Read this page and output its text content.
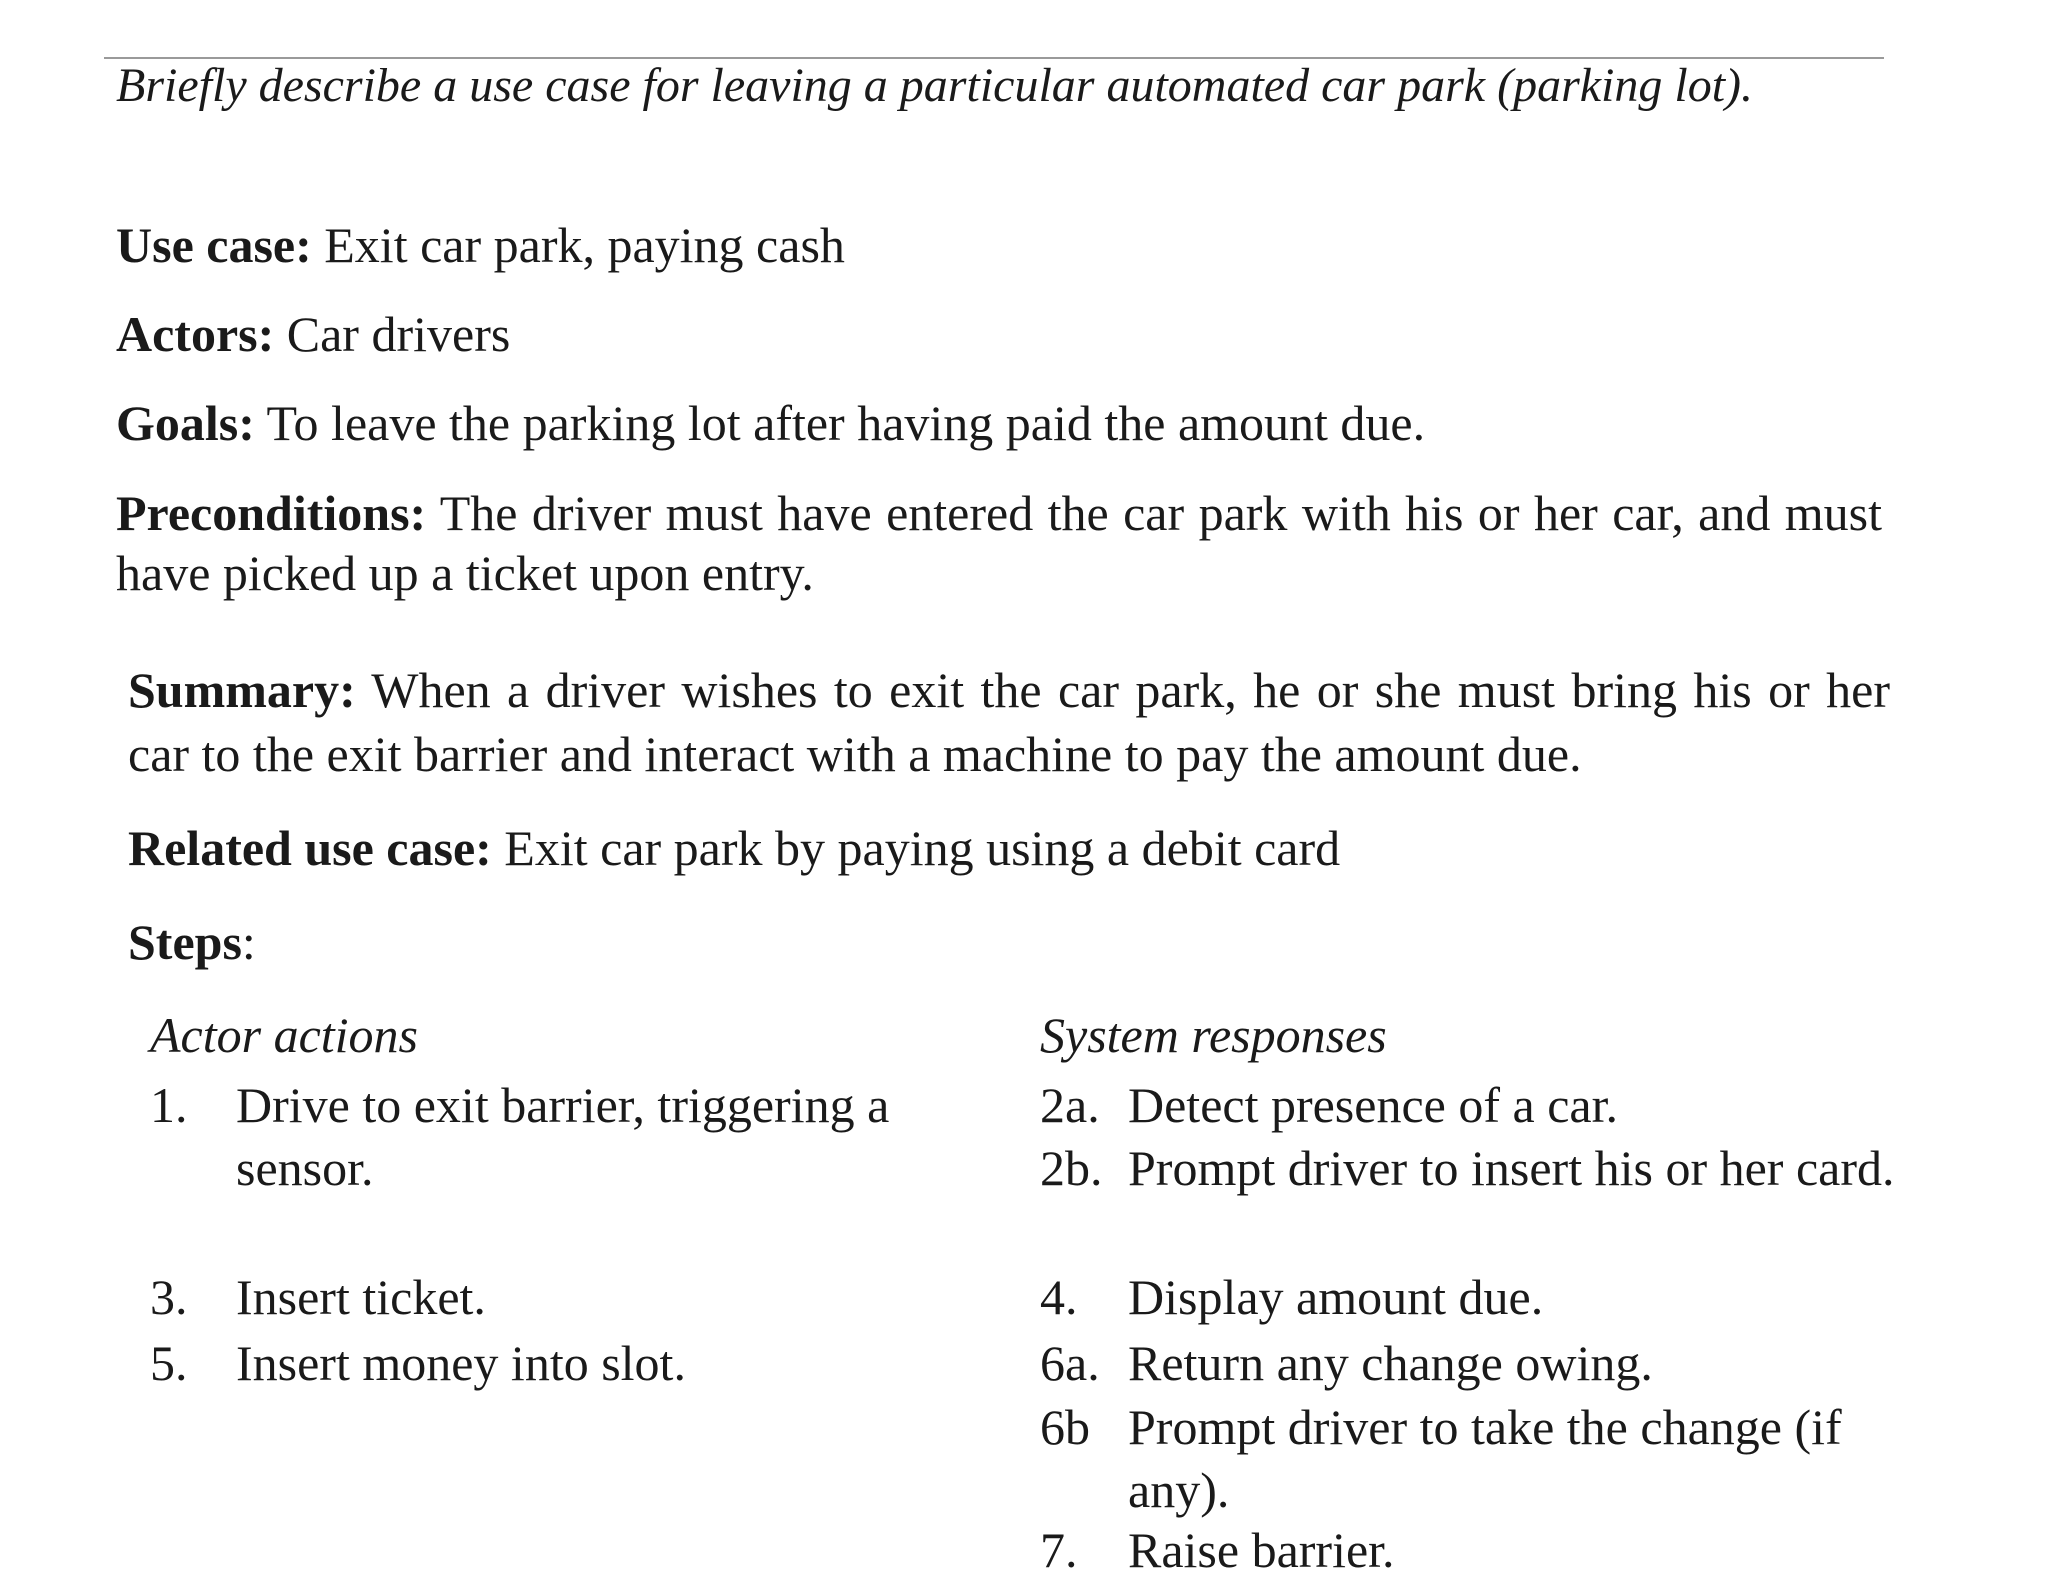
Briefly describe a use case for leaving a particular automated car park (parking lot).
Use case: Exit car park, paying cash
Actors: Car drivers
Goals: To leave the parking lot after having paid the amount due.
Preconditions: The driver must have entered the car park with his or her car, and must have picked up a ticket upon entry.
Summary: When a driver wishes to exit the car park, he or she must bring his or her car to the exit barrier and interact with a machine to pay the amount due.
Related use case: Exit car park by paying using a debit card
Steps:
Actor actions	System responses
1. Drive to exit barrier, triggering a sensor.
3. Insert ticket.
5. Insert money into slot.
2a. Detect presence of a car.
2b. Prompt driver to insert his or her card.
4. Display amount due.
6a. Return any change owing.
6b Prompt driver to take the change (if any).
7. Raise barrier.
